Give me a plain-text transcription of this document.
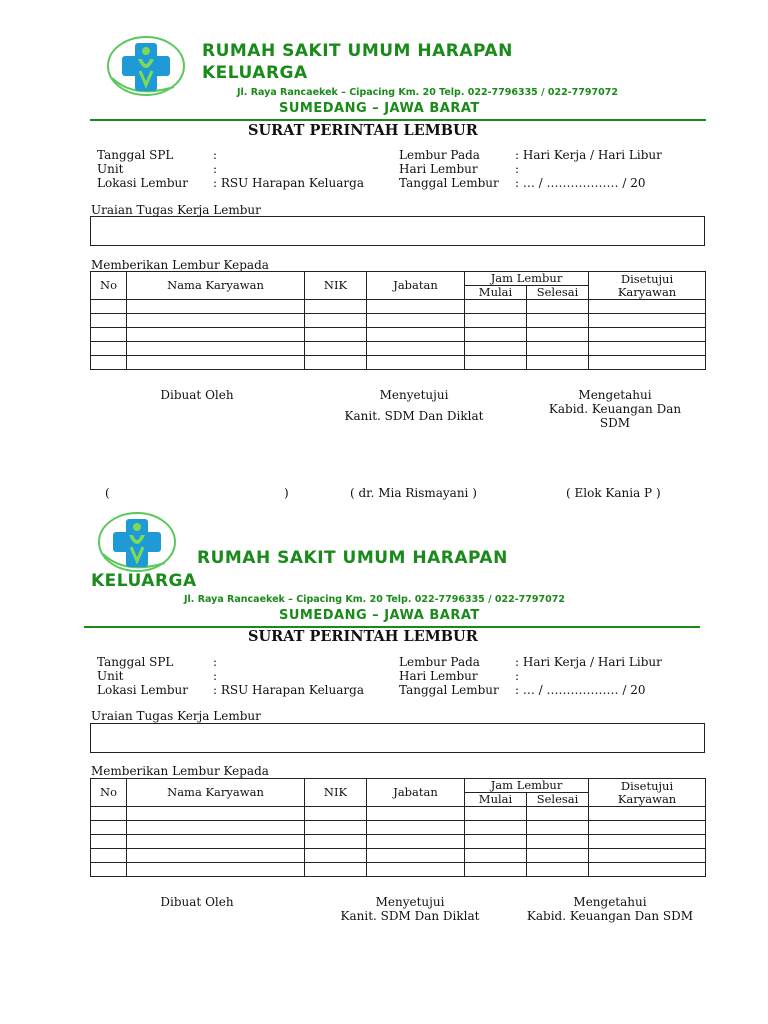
RUMAH SAKIT UMUM HARAPAN
KELUARGA
Jl. Raya Rancaekek – Cipacing Km. 20 Telp. 022-7796335 / 022-7797072
SUMEDANG – JAWA BARAT
SURAT PERINTAH LEMBUR
Tanggal SPL	:
Unit	:
Lokasi Lembur : RSU Harapan Keluarga
Lembur Pada	: Hari Kerja / Hari Libur
Hari Lembur	:
Tanggal Lembur : … / ……………… / 20
Uraian Tugas Kerja Lembur
Memberikan Lembur Kepada
No	Nama Karyawan	NIK	Jabatan	Jam Lembur		Disetujui
Karyawan

				Mulai	Selesai	

Dibuat Oleh	Menyetujui
Kanit. SDM Dan Diklat
Mengetahui
Kabid. Keuangan Dan
SDM
(	)	( dr. Mia Rismayani )	( Elok Kania P )
RUMAH SAKIT UMUM HARAPAN
KELUARGA
Jl. Raya Rancaekek – Cipacing Km. 20 Telp. 022-7796335 / 022-7797072
SUMEDANG – JAWA BARAT
SURAT PERINTAH LEMBUR
Tanggal SPL	:
Unit	:
Lokasi Lembur : RSU Harapan Keluarga
Lembur Pada	: Hari Kerja / Hari Libur
Hari Lembur	:
Tanggal Lembur : … / ……………… / 20
Uraian Tugas Kerja Lembur
Memberikan Lembur Kepada
No	Nama Karyawan	NIK	Jabatan	Jam Lembur		Disetujui
Karyawan

				Mulai	Selesai	

Dibuat Oleh	Menyetujui
Kanit. SDM Dan Diklat
Mengetahui
Kabid. Keuangan Dan SDM
